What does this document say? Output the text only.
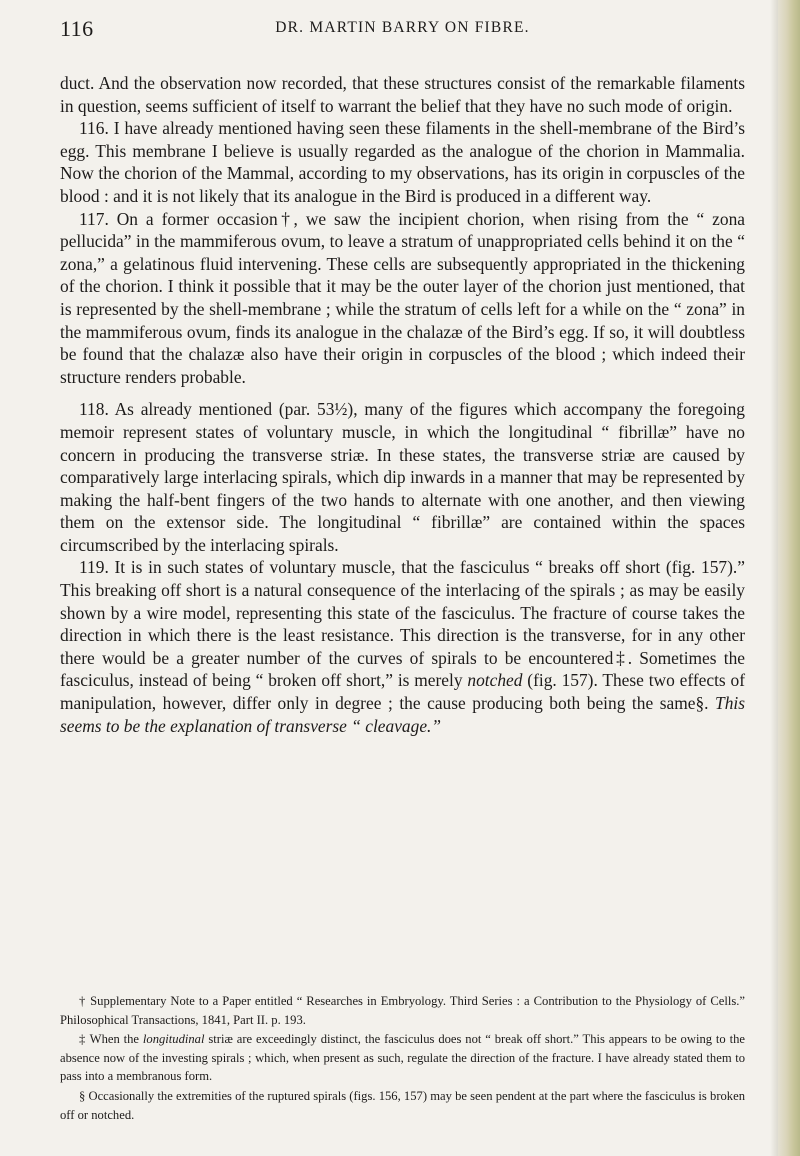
116	DR. MARTIN BARRY ON FIBRE.

duct. And the observation now recorded, that these structures consist of the remarkable filaments in question, seems sufficient of itself to warrant the belief that they have no such mode of origin.

116. I have already mentioned having seen these filaments in the shell-membrane of the Bird’s egg. This membrane I believe is usually regarded as the analogue of the chorion in Mammalia. Now the chorion of the Mammal, according to my observations, has its origin in corpuscles of the blood : and it is not likely that its analogue in the Bird is produced in a different way.

117. On a former occasion†, we saw the incipient chorion, when rising from the “ zona pellucida” in the mammiferous ovum, to leave a stratum of unappropriated cells behind it on the “ zona,” a gelatinous fluid intervening. These cells are subsequently appropriated in the thickening of the chorion. I think it possible that it may be the outer layer of the chorion just mentioned, that is represented by the shell-membrane ; while the stratum of cells left for a while on the “ zona” in the mammiferous ovum, finds its analogue in the chalazæ of the Bird’s egg. If so, it will doubtless be found that the chalazæ also have their origin in corpuscles of the blood ; which indeed their structure renders probable.

118. As already mentioned (par. 53½), many of the figures which accompany the foregoing memoir represent states of voluntary muscle, in which the longitudinal “ fibrillæ” have no concern in producing the transverse striæ. In these states, the transverse striæ are caused by comparatively large interlacing spirals, which dip inwards in a manner that may be represented by making the half-bent fingers of the two hands to alternate with one another, and then viewing them on the extensor side. The longitudinal “ fibrillæ” are contained within the spaces circumscribed by the interlacing spirals.

119. It is in such states of voluntary muscle, that the fasciculus “ breaks off short (fig. 157).” This breaking off short is a natural consequence of the interlacing of the spirals ; as may be easily shown by a wire model, representing this state of the fasciculus. The fracture of course takes the direction in which there is the least resistance. This direction is the transverse, for in any other there would be a greater number of the curves of spirals to be encountered‡. Sometimes the fasciculus, instead of being “ broken off short,” is merely notched (fig. 157). These two effects of manipulation, however, differ only in degree ; the cause producing both being the same§. This seems to be the explanation of transverse “ cleavage.”

† Supplementary Note to a Paper entitled “ Researches in Embryology. Third Series : a Contribution to the Physiology of Cells.” Philosophical Transactions, 1841, Part II. p. 193.

‡ When the longitudinal striæ are exceedingly distinct, the fasciculus does not “ break off short.” This appears to be owing to the absence now of the investing spirals ; which, when present as such, regulate the direction of the fracture. I have already stated them to pass into a membranous form.

§ Occasionally the extremities of the ruptured spirals (figs. 156, 157) may be seen pendent at the part where the fasciculus is broken off or notched.
